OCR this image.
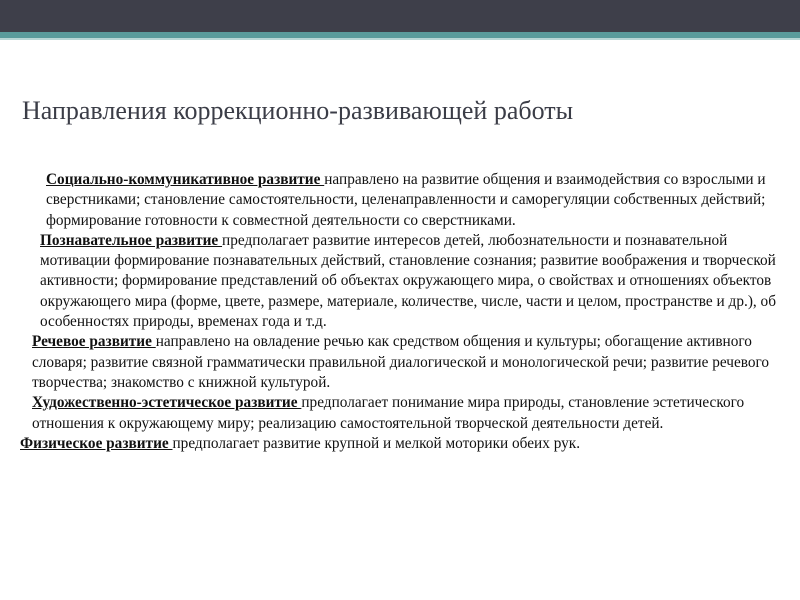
Направления коррекционно-развивающей работы

Социально-коммуникативное развитие направлено на развитие общения и взаимодействия со взрослыми и сверстниками; становление самостоятельности, целенаправленности и саморегуляции собственных действий; формирование готовности к совместной деятельности со сверстниками.

Познавательное развитие предполагает развитие интересов детей, любознательности и познавательной мотивации формирование познавательных действий, становление сознания; развитие воображения и творческой активности; формирование представлений об объектах окружающего мира, о свойствах и отношениях объектов окружающего мира (форме, цвете, размере, материале, количестве, числе, части и целом, пространстве и др.), об особенностях природы, временах года и т.д.

Речевое развитие направлено на овладение речью как средством общения и культуры; обогащение активного словаря; развитие связной грамматически правильной диалогической и монологической речи; развитие речевого творчества; знакомство с книжной культурой.

Художественно-эстетическое развитие предполагает понимание мира природы, становление эстетического отношения к окружающему миру; реализацию самостоятельной творческой деятельности детей.

Физическое развитие предполагает развитие крупной и мелкой моторики обеих рук.
